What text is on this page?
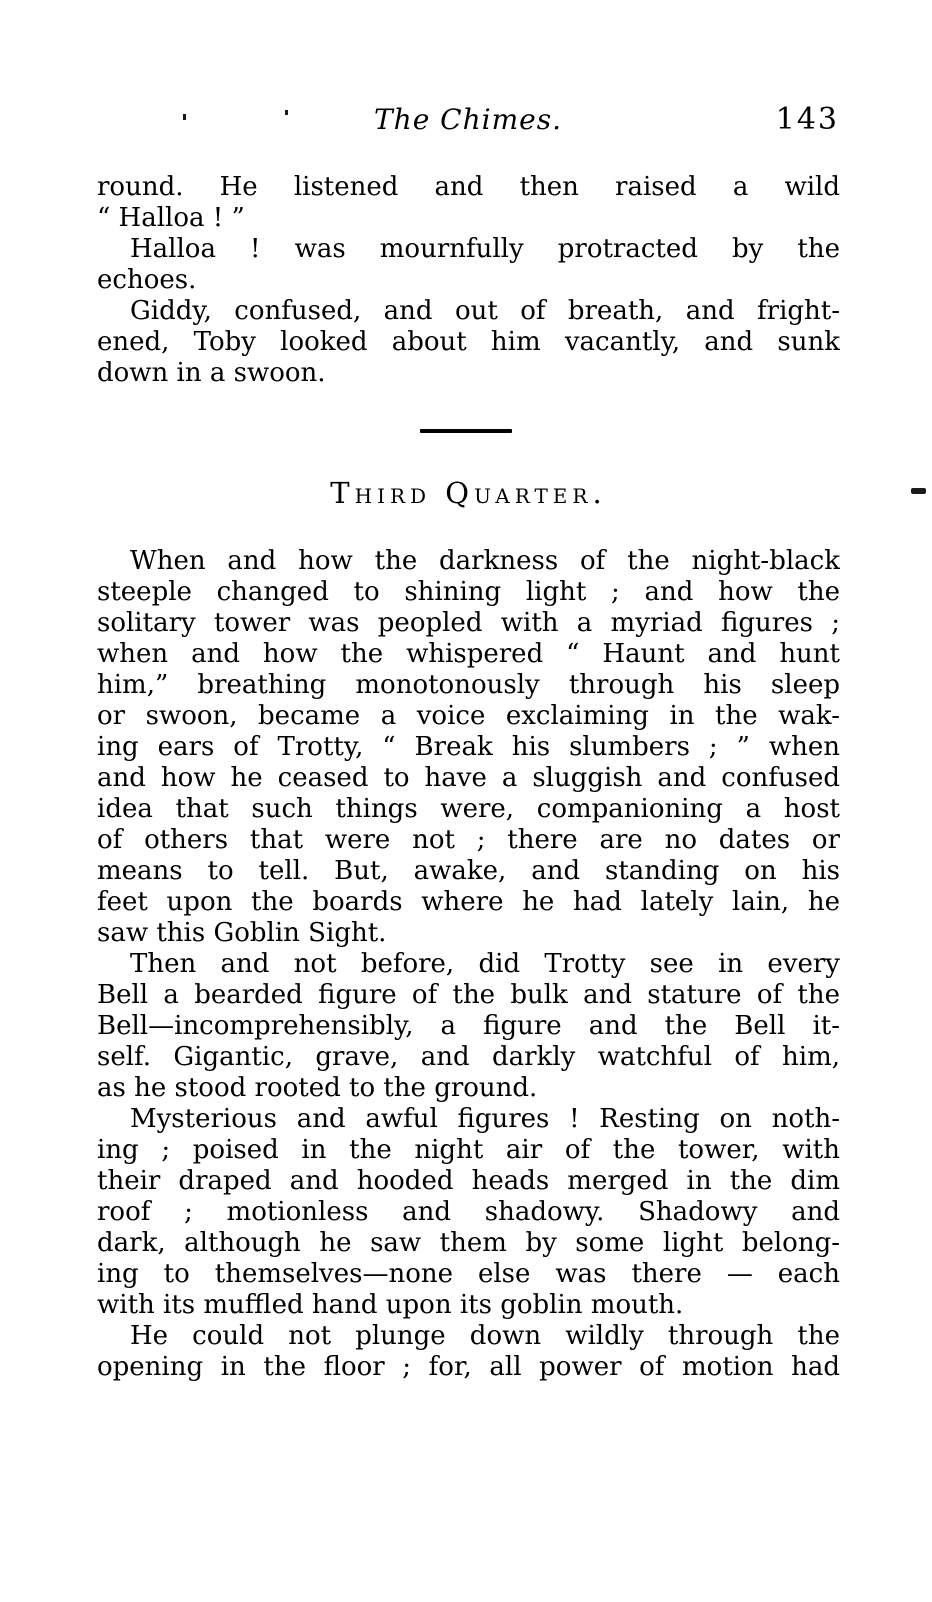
The Chimes.	143
round. He listened and then raised a wild
“ Halloa ! ”
Halloa ! was mournfully protracted by the
echoes.
Giddy, confused, and out of breath, and fright-
ened, Toby looked about him vacantly, and sunk
down in a swoon.
Third Quarter.
When and how the darkness of the night-black
steeple changed to shining light ; and how the
solitary tower was peopled with a myriad figures ;
when and how the whispered “ Haunt and hunt
him,” breathing monotonously through his sleep
or swoon, became a voice exclaiming in the wak-
ing ears of Trotty, “ Break his slumbers ; ” when
and how he ceased to have a sluggish and confused
idea that such things were, companioning a host
of others that were not ; there are no dates or
means to tell. But, awake, and standing on his
feet upon the boards where he had lately lain, he
saw this Goblin Sight.
Then and not before, did Trotty see in every
Bell a bearded figure of the bulk and stature of the
Bell—incomprehensibly, a figure and the Bell it-
self. Gigantic, grave, and darkly watchful of him,
as he stood rooted to the ground.
Mysterious and awful figures ! Resting on noth-
ing ; poised in the night air of the tower, with
their draped and hooded heads merged in the dim
roof ; motionless and shadowy. Shadowy and
dark, although he saw them by some light belong-
ing to themselves—none else was there — each
with its muffled hand upon its goblin mouth.
He could not plunge down wildly through the
opening in the floor ; for, all power of motion had
